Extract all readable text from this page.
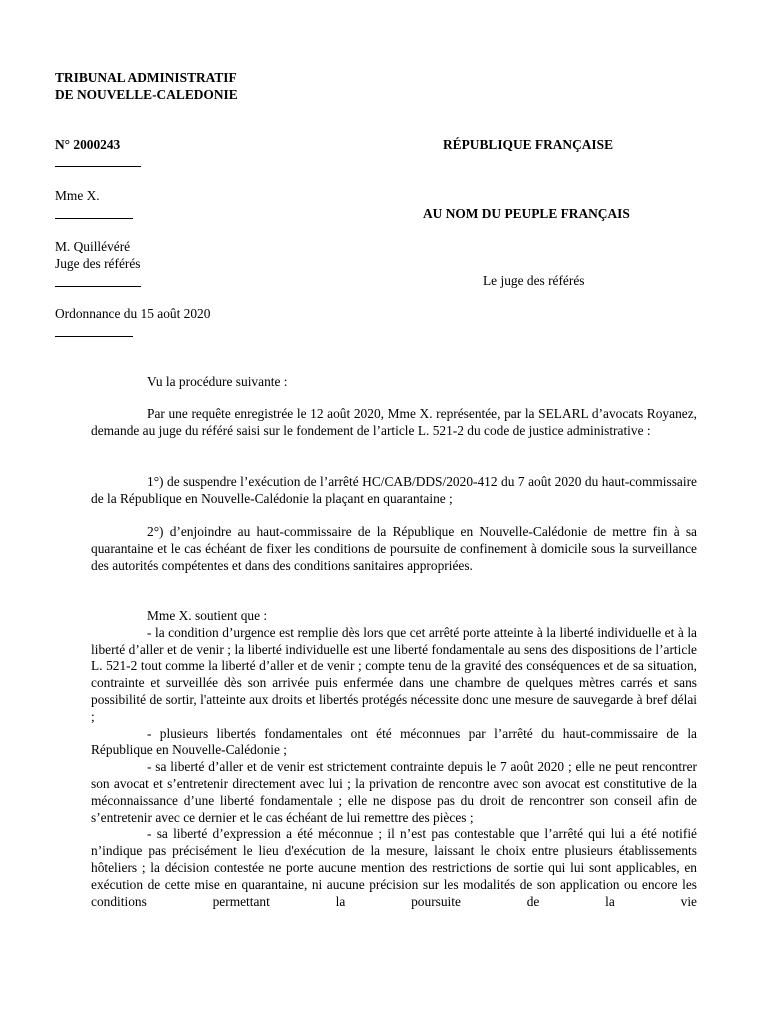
TRIBUNAL ADMINISTRATIF
DE NOUVELLE-CALEDONIE
N° 2000243	RÉPUBLIQUE FRANÇAISE
Mme X.
AU NOM DU PEUPLE FRANÇAIS
M. Quillévéré
Juge des référés
Le juge des référés
Ordonnance du 15 août 2020
Vu la procédure suivante :

Par une requête enregistrée le 12 août 2020, Mme X. représentée, par la SELARL d’avocats Royanez, demande au juge du référé saisi sur le fondement de l’article L. 521-2 du code de justice administrative :

1°) de suspendre l’exécution de l’arrêté HC/CAB/DDS/2020-412 du 7 août 2020 du haut-commissaire de la République en Nouvelle-Calédonie la plaçant en quarantaine ;

2°) d’enjoindre au haut-commissaire de la République en Nouvelle-Calédonie de mettre fin à sa quarantaine et le cas échéant de fixer les conditions de poursuite de confinement à domicile sous la surveillance des autorités compétentes et dans des conditions sanitaires appropriées.

Mme X. soutient que :

- la condition d’urgence est remplie dès lors que cet arrêté porte atteinte à la liberté individuelle et à la liberté d’aller et de venir ; la liberté individuelle est une liberté fondamentale au sens des dispositions de l’article L. 521-2 tout comme la liberté d’aller et de venir ; compte tenu de la gravité des conséquences et de sa situation, contrainte et surveillée dès son arrivée puis enfermée dans une chambre de quelques mètres carrés et sans possibilité de sortir, l'atteinte aux droits et libertés protégés nécessite donc une mesure de sauvegarde à bref délai ;

- plusieurs libertés fondamentales ont été méconnues par l’arrêté du haut-commissaire de la République en Nouvelle-Calédonie ;

- sa liberté d’aller et de venir est strictement contrainte depuis le 7 août 2020 ; elle ne peut rencontrer son avocat et s’entretenir directement avec lui ; la privation de rencontre avec son avocat est constitutive de la méconnaissance d’une liberté fondamentale ; elle ne dispose pas du droit de rencontrer son conseil afin de s’entretenir avec ce dernier et le cas échéant de lui remettre des pièces ;

- sa liberté d’expression a été méconnue ; il n’est pas contestable que l’arrêté qui lui a été notifié n’indique pas précisément le lieu d'exécution de la mesure, laissant le choix entre plusieurs établissements hôteliers ; la décision contestée ne porte aucune mention des restrictions de sortie qui lui sont applicables, en exécution de cette mise en quarantaine, ni aucune précision sur les modalités de son application ou encore les conditions permettant la poursuite de la vie
